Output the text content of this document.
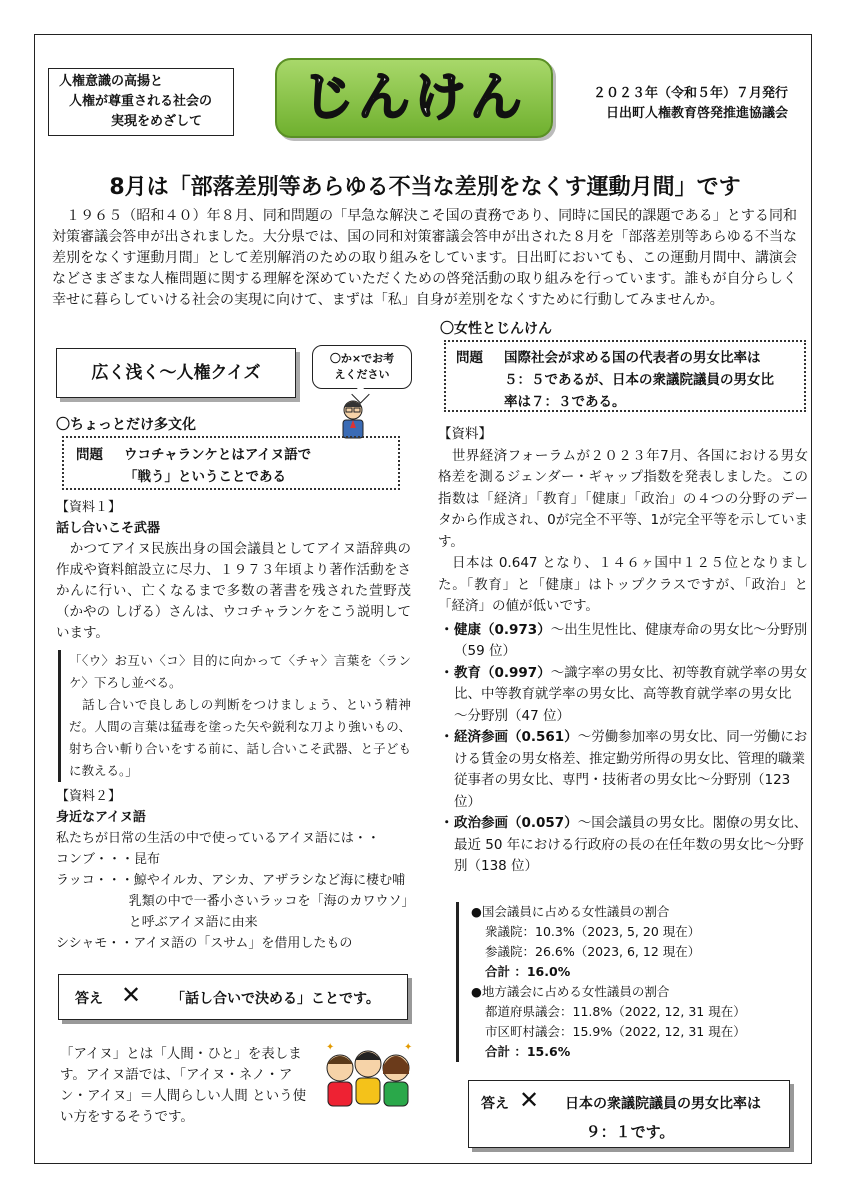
人権意識の高揚と
人権が尊重される社会の
実現をめざして	じんけん	２０２３年（令和５年）７月発行
日出町人権教育啓発推進協議会
8月は「部落差別等あらゆる不当な差別をなくす運動月間」です
　１９６５（昭和４０）年８月、同和問題の「早急な解決こそ国の責務であり、同時に国民的課題である」とする同和対策審議会答申が出されました。大分県では、国の同和対策審議会答申が出された８月を「部落差別等あらゆる不当な差別をなくす運動月間」として差別解消のための取り組みをしています。日出町においても、この運動月間中、講演会などさまざまな人権問題に関する理解を深めていただくための啓発活動の取り組みを行っています。誰もが自分らしく幸せに暮らしていける社会の実現に向けて、まずは「私」自身が差別をなくすために行動してみませんか。
広く浅く～人権クイズ
〇か×でお考
えください
〇ちょっとだけ多文化
問題 ウコチャランケとはアイヌ語で
「戦う」ということである
【資料１】
話し合いこそ武器
　かつてアイヌ民族出身の国会議員としてアイヌ語辞典の作成や資料館設立に尽力、１９７３年頃より著作活動をさかんに行い、亡くなるまで多数の著書を残された萱野茂（かやの しげる）さんは、ウコチャランケをこう説明しています。
「〈ウ〉お互い〈コ〉目的に向かって〈チャ〉言葉を〈ランケ〉下ろし並べる。
　話し合いで良しあしの判断をつけましょう、という精神だ。人間の言葉は猛毒を塗った矢や鋭利な刀より強いもの、射ち合い斬り合いをする前に、話し合いこそ武器、と子どもに教える。」
【資料２】
身近なアイヌ語
私たちが日常の生活の中で使っているアイヌ語には・・
コンブ・・・昆布
ラッコ・・・鯨やイルカ、アシカ、アザラシなど海に棲む哺乳類の中で一番小さいラッコを「海のカワウソ」と呼ぶアイヌ語に由来
シシャモ・・アイヌ語の「スサム」を借用したもの
答え ✕ 「話し合いで決める」ことです。
「アイヌ」とは「人間・ひと」を表します。アイヌ語では、「アイヌ・ネノ・アン・アイヌ」＝人間らしい人間 という使い方をするそうです。
✦	✦
〇女性とじんけん
問題 国際社会が求める国の代表者の男女比率は
５：５であるが、日本の衆議院議員の男女比
率は７：３である。
【資料】
　世界経済フォーラムが２０２３年7月、各国における男女格差を測るジェンダー・ギャップ指数を発表しました。この指数は「経済」「教育」「健康」「政治」の４つの分野のデータから作成され、0が完全不平等、1が完全平等を示しています。
　日本は 0.647 となり、１４６ヶ国中１２５位となりました。「教育」と「健康」はトップクラスですが、「政治」と「経済」の値が低いです。
・ 健康（0.973）～出生児性比、健康寿命の男女比～分野別（59 位）
・ 教育（0.997）～識字率の男女比、初等教育就学率の男女比、中等教育就学率の男女比、高等教育就学率の男女比 ～分野別（47 位）
・ 経済参画（0.561）～労働参加率の男女比、同一労働における賃金の男女格差、推定勤労所得の男女比、管理的職業従事者の男女比、専門・技術者の男女比～分野別（123 位）
・ 政治参画（0.057）～国会議員の男女比。閣僚の男女比、最近 50 年における行政府の長の在任年数の男女比～分野別（138 位）
●国会議員に占める女性議員の割合
衆議院：10.3%（2023, 5, 20 現在）
参議院：26.6%（2023, 6, 12 現在）
合計 ：16.0%
●地方議会に占める女性議員の割合
都道府県議会：11.8%（2022, 12, 31 現在）
市区町村議会：15.9%（2022, 12, 31 現在）
合計 ：15.6%
答え ✕ 日本の衆議院議員の男女比率は
９：１です。
